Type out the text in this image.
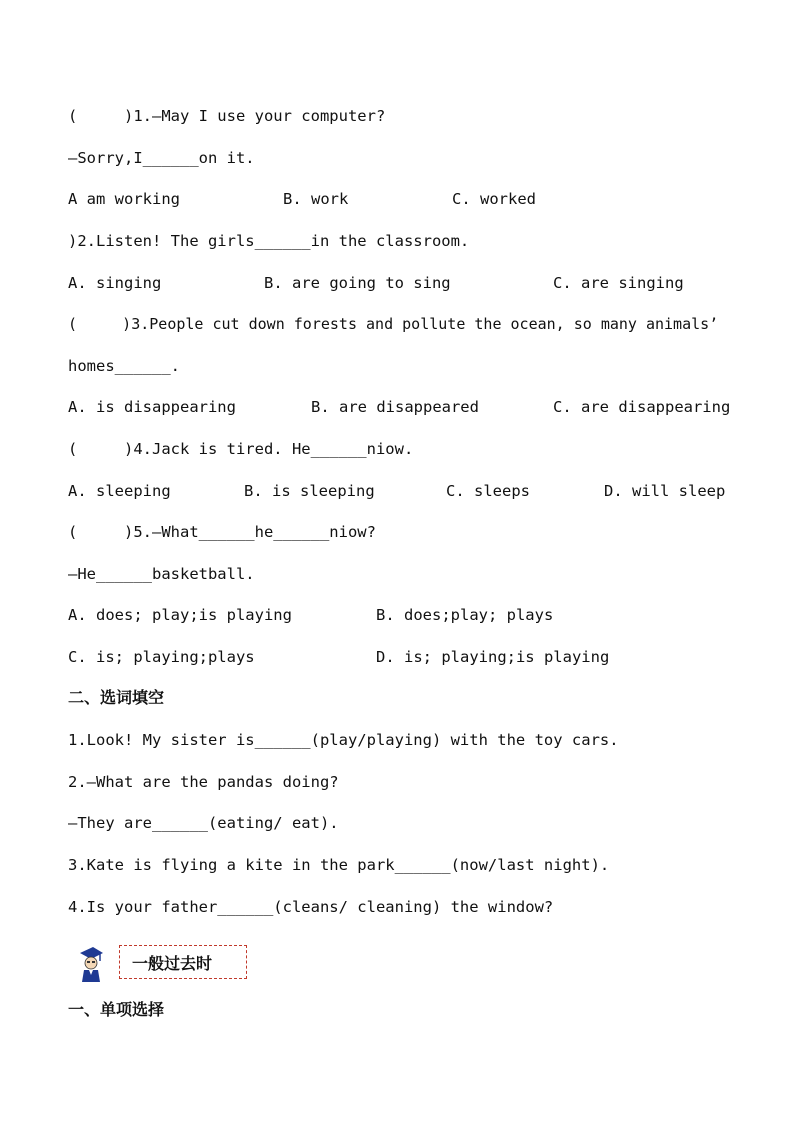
(     )1.—May I use your computer?

—Sorry,I______on it.

A am working	B. work	C. worked

)2.Listen! The girls______in the classroom.

A. singing	B. are going to sing	C. are singing

(     )3.People cut down forests and pollute the ocean, so many animals’

homes______.

A. is disappearing	B. are disappeared	C. are disappearing

(     )4.Jack is tired. He______niow.

A. sleeping	B. is sleeping	C. sleeps	D. will sleep

(     )5.—What______he______niow?

—He______basketball.

A. does; play;is playing	B. does;play; plays

C. is; playing;plays	D. is; playing;is playing

二、选词填空

1.Look! My sister is______(play/playing) with the toy cars.

2.—What are the pandas doing?

—They are______(eating/ eat).

3.Kate is flying a kite in the park______(now/last night).

4.Is your father______(cleans/ cleaning) the window?

一般过去时

一、单项选择
